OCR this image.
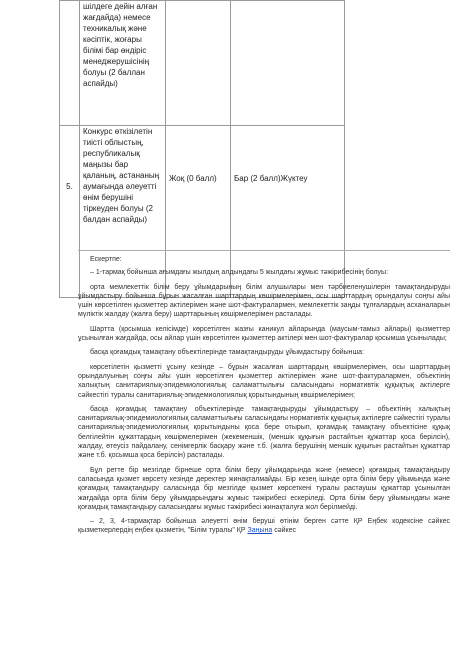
	шілдеге дейін алған жағдайда) немесе техникалық және кәсіптік, жоғары білімі бар өндіріс менеджерушісінің болуы (2 баллан аспайды)		
5.	Конкурс өткізілетін тиісті облыстың, республикалық маңызы бар қаланың, астананың аумағында әлеуетті өнім берушіні тіркеуден болуы (2 балдан аспайды)	Жоқ (0 балл)	Бар (2 балл)Жүктеу

Ескертпе:

– 1-тармақ бойынша ағымдағы жылдың алдындағы 5 жылдағы жұмыс тәжірибесінің болуы:

орта мемлекеттік білім беру ұйымдарының білім алушылары мен тәрбиеленушілерін тамақтандыруды ұйымдастыру бойынша бұрын жасалған шарттардың көшірмелерімен, осы шарттардың орындалуы соңғы айы үшін көрсетілген қызметтер актілерімен және шот-фактуралармен, мемлекеттік заңды тұлғалардың асханаларын мүліктік жалдау (жалға беру) шарттарының көшірмелерімен расталады.

Шартта (қосымша келісімде) көрсетілген жазғы каникул айларында (маусым-тамыз айлары) қызметтер ұсынылған жағдайда, осы айлар үшін көрсетілген қызметтер актілері мен шот-фактуралар қосымша ұсынылады;

басқа қоғамдық тамақтану объектілерінде тамақтандыруды ұйымдастыру бойынша:

көрсетілетін қызметті ұсыну кезінде – бұрын жасалған шарттардың көшірмелерімен, осы шарттардың орындалуының соңғы айы үшін көрсетілген қызметтер актілерімен және шот-фактуралармен, объектінің халықтың санитариялық-эпидемиологиялық саламаттылығы саласындағы нормативтік құқықтық актілерге сәйкестігі туралы санитариялық-эпидемиологиялық қорытындының көшірмелерімен;

басқа қоғамдық тамақтану объектілерінде тамақтандыруды ұйымдастыру – объектінің халықтың санитариялық-эпидемиологиялық саламаттылығы саласындағы нормативтік құқықтық актілерге сәйкестігі туралы санитариялық-эпидемиологиялық қорытындыны қоса бере отырып, қоғамдық тамақтану объектісіне құқық белгілейтін құжаттардың көшірмелерімен (жекеменшік, (меншік құқығын растайтын құжаттар қоса берілсін), жалдау, өтеусіз пайдалану, сенімгерлік басқару және т.б. (жалға берушінің меншік құқығын растайтын құжаттар және т.б. қосымша қоса берілсін) расталады.

Бұл ретте бір мезгілде бірнеше орта білім беру ұйымдарында және (немесе) қоғамдық тамақтандыру саласында қызмет көрсету кезінде деректер жинақталмайды. Бір кезең ішінде орта білім беру ұйымында және қоғамдық тамақтандыру саласында бір мезгілде қызмет көрсеткені туралы растаушы құжаттар ұсынылған жағдайда орта білім беру ұйымдарындағы жұмыс тәжірибесі ескеріледі. Орта білім беру ұйымындағы және қоғамдық тамақтандыру саласындағы жұмыс тәжірибесі жинақталуға жол берілмейді.

– 2, 3, 4-тармақтар бойынша әлеуетті өнім беруші өтінім берген сәтте ҚР Еңбек кодексіне сәйкес қызметкерлердің еңбек қызметін, "Білім туралы" ҚР Заңына сәйкес
